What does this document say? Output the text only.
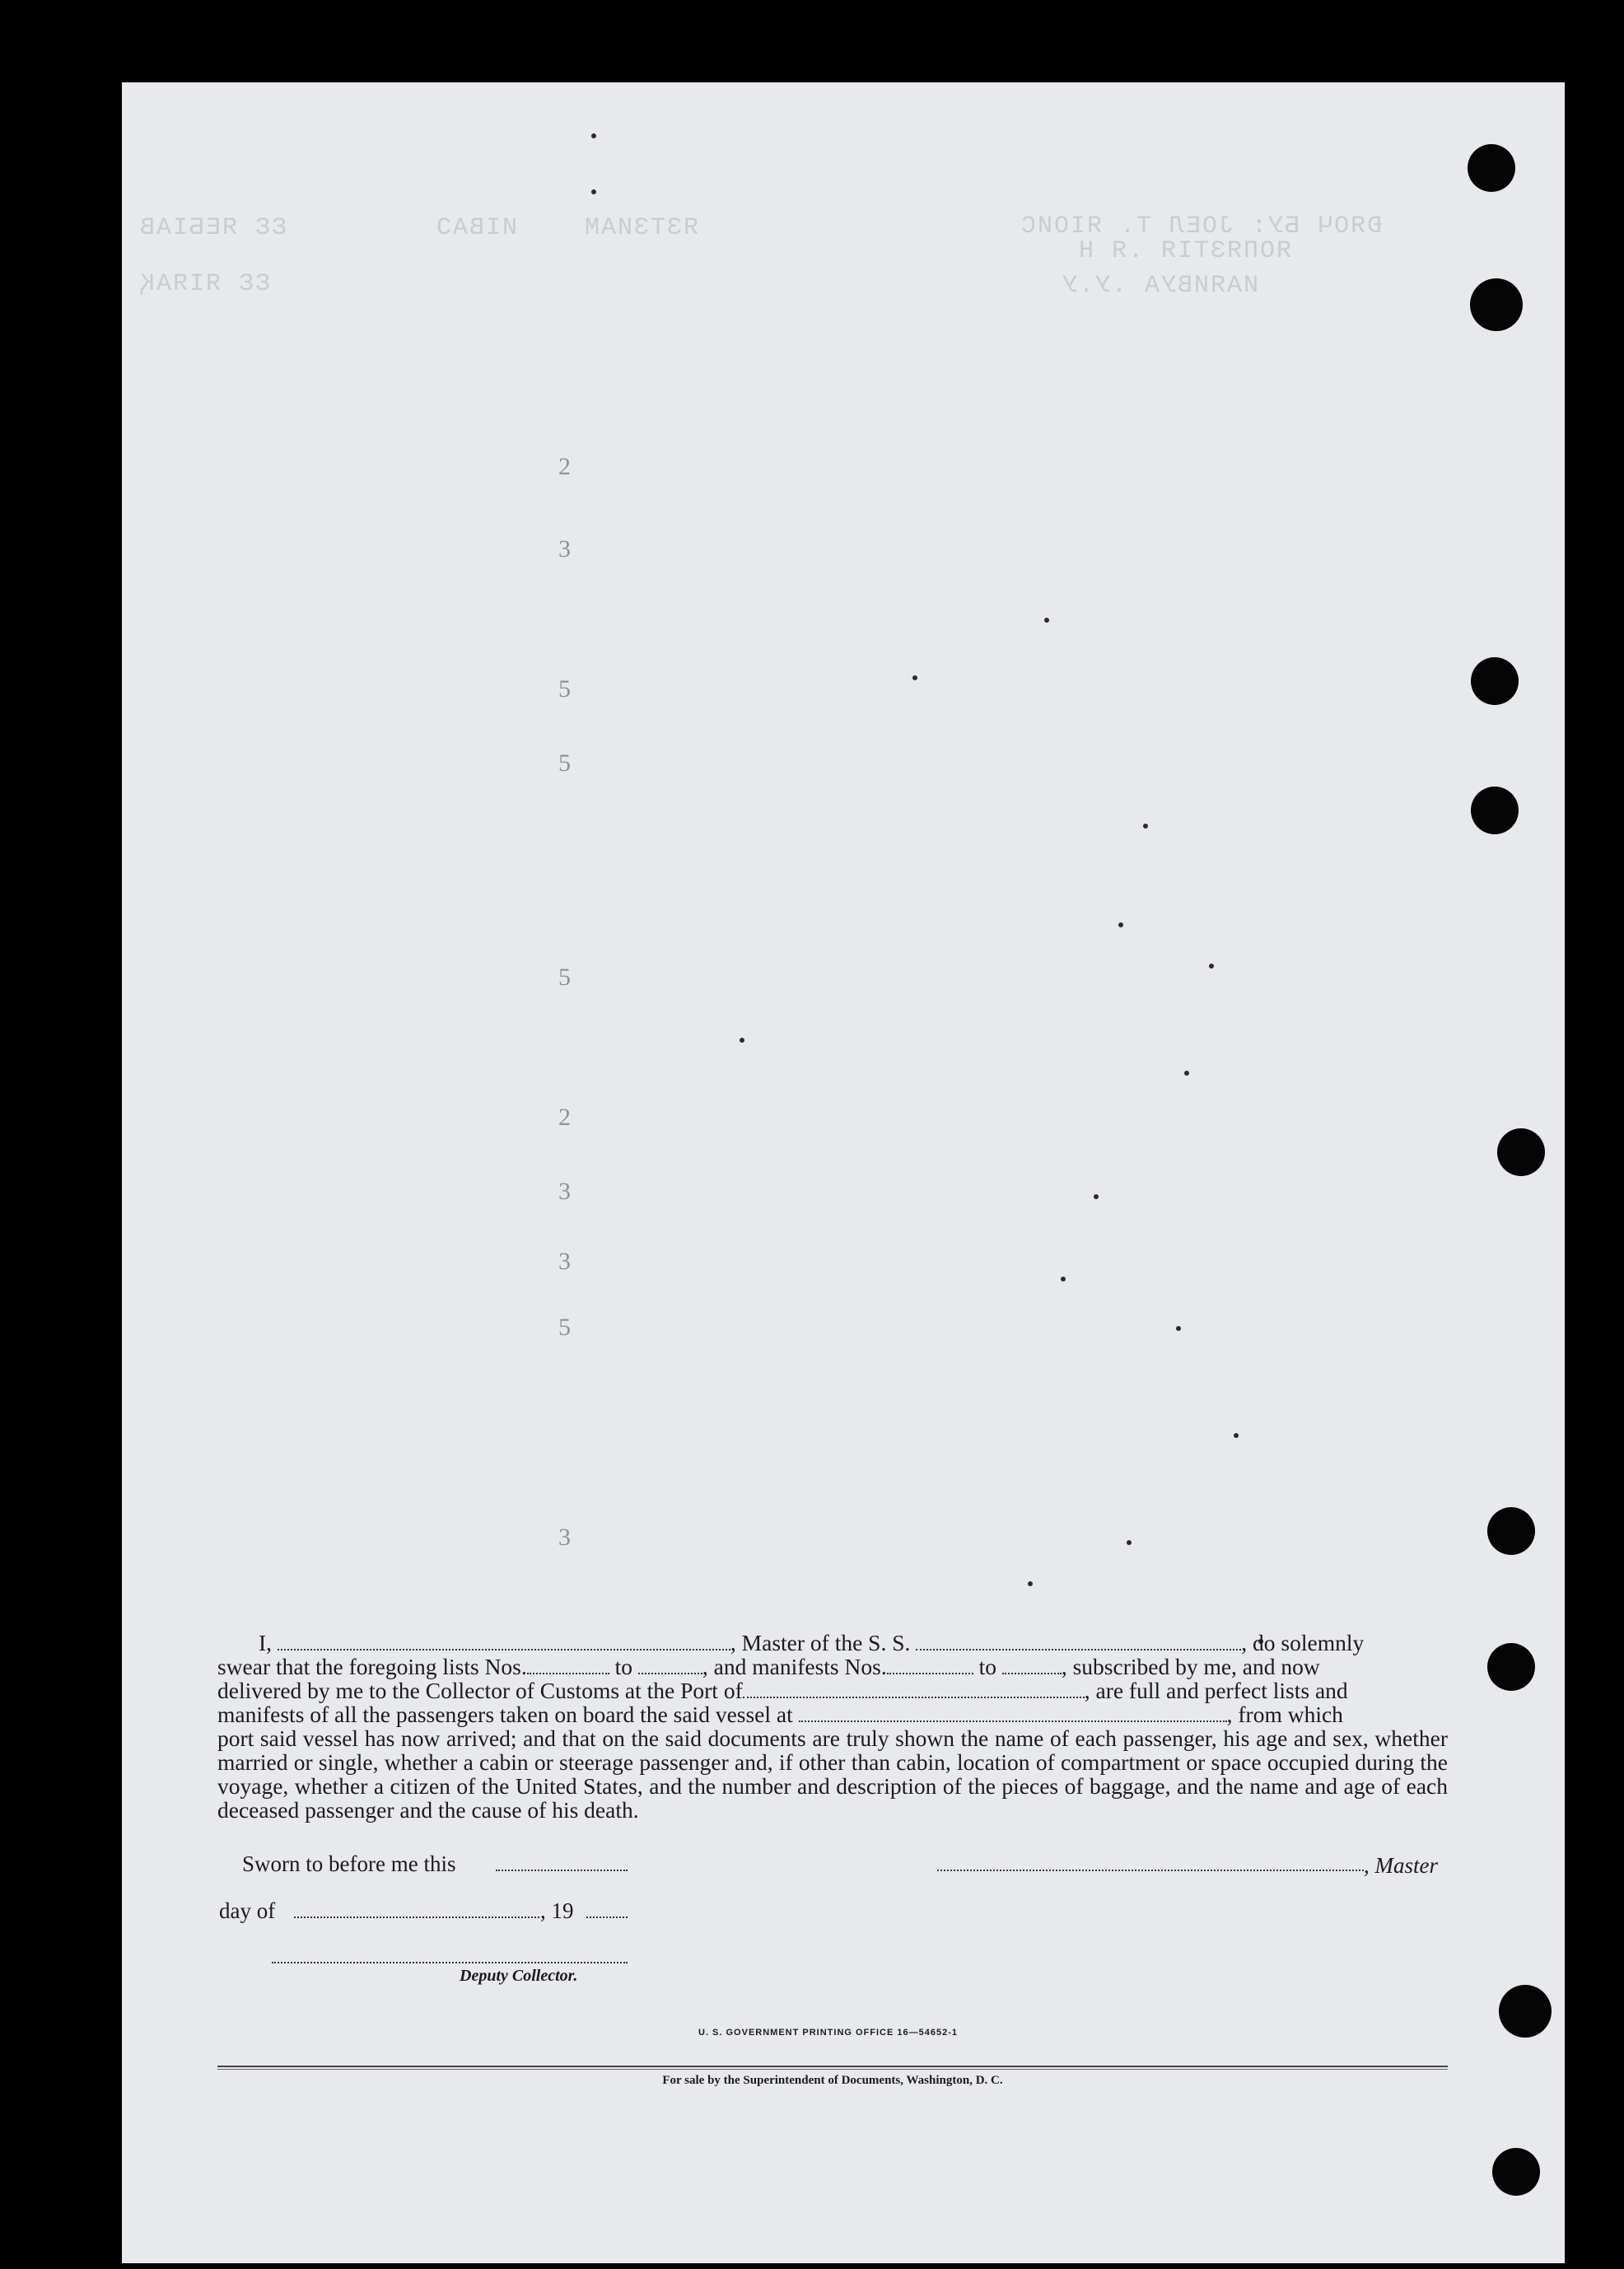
ÐЯОЧ БУ: JОЕЛ Т. ЯІОИС
ЯОПЯЗТІЯ .Я Н
ИАЯИВУА .У.У
ИIBAƆ	ЯЗТЗИАМ
ƐƐ ЯЕБІАВ
ƐƐ ЯІЯАҚ
2
3
5
5
5
2
3
3
5
3

I,	, Master of the S. S.	, do solemnly

swear that the foregoing lists Nos.	to	, and manifests Nos.	to	, subscribed by me, and now

delivered by me to the Collector of Customs at the Port of	, are full and perfect lists and

manifests of all the passengers taken on board the said vessel at	, from which

port said vessel has now arrived; and that on the said documents are truly shown the name of each passenger, his age and sex, whether married or single, whether a cabin or steerage passenger and, if other than cabin, location of compartment or space occupied during the voyage, whether a citizen of the United States, and the number and description of the pieces of baggage, and the name and age of each deceased passenger and the cause of his death.

Sworn to before me this	, Master
day of	, 19
Deputy Collector.
U. S. GOVERNMENT PRINTING OFFICE 16—54652-1
For sale by the Superintendent of Documents, Washington, D. C.
